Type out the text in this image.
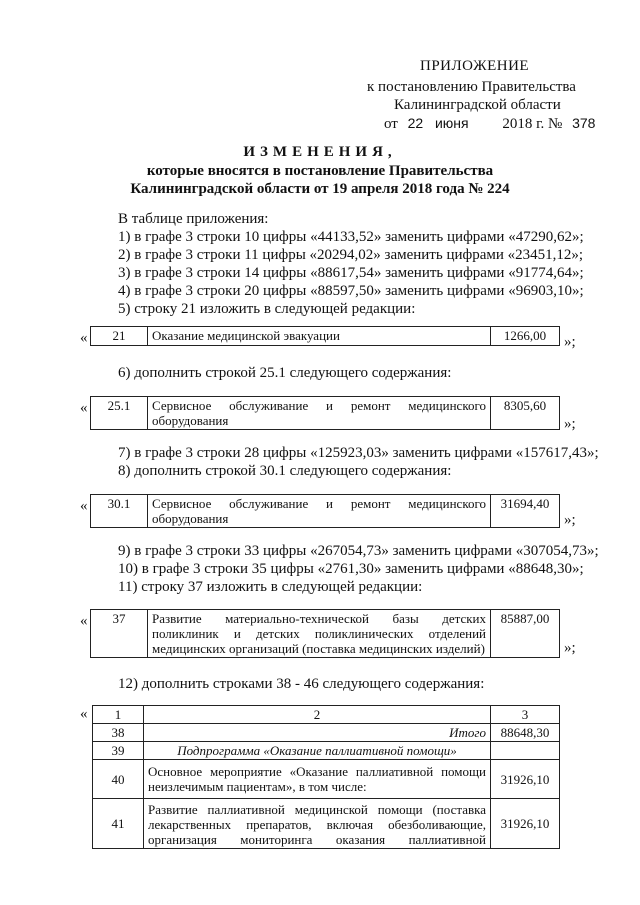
ПРИЛОЖЕНИЕ
к постановлению Правительства
Калининградской области
от 22 июня 2018 г. № 378
ИЗМЕНЕНИЯ,
которые вносятся в постановление Правительства
Калининградской области от 19 апреля 2018 года № 224
В таблице приложения:
1) в графе 3 строки 10 цифры «44133,52» заменить цифрами «47290,62»;
2) в графе 3 строки 11 цифры «20294,02» заменить цифрами «23451,12»;
3) в графе 3 строки 14 цифры «88617,54» заменить цифрами «91774,64»;
4) в графе 3 строки 20 цифры «88597,50» заменить цифрами «96903,10»;
5) строку 21 изложить в следующей редакции:
« 21	Оказание медицинской эвакуации	1266,00 »;
6) дополнить строкой 25.1 следующего содержания:
« 25.1	Сервисное обслуживание и ремонт медицинского
оборудования
	8305,60
»;
7) в графе 3 строки 28 цифры «125923,03» заменить цифрами «157617,43»;
8) дополнить строкой 30.1 следующего содержания:
« 30.1	Сервисное обслуживание и ремонт медицинского
оборудования
	31694,40
»;
9) в графе 3 строки 33 цифры «267054,73» заменить цифрами «307054,73»;
10) в графе 3 строки 35 цифры «2761,30» заменить цифрами «88648,30»;
11) строку 37 изложить в следующей редакции:
« 37	Развитие материально-технической базы детских
поликлиник и детских поликлинических отделений
медицинских организаций (поставка медицинских изделий)
	85887,00
»;
12) дополнить строками 38 - 46 следующего содержания:
« 1	2	3
38	Итого	88648,30
39	Подпрограмма «Оказание паллиативной помощи»	
40	Основное мероприятие «Оказание паллиативной помощи
неизлечимым пациентам», в том числе:	31926,10
41	Развитие паллиативной медицинской помощи (поставка
лекарственных препаратов, включая обезболивающие,
организация мониторинга оказания паллиативной	31926,10
